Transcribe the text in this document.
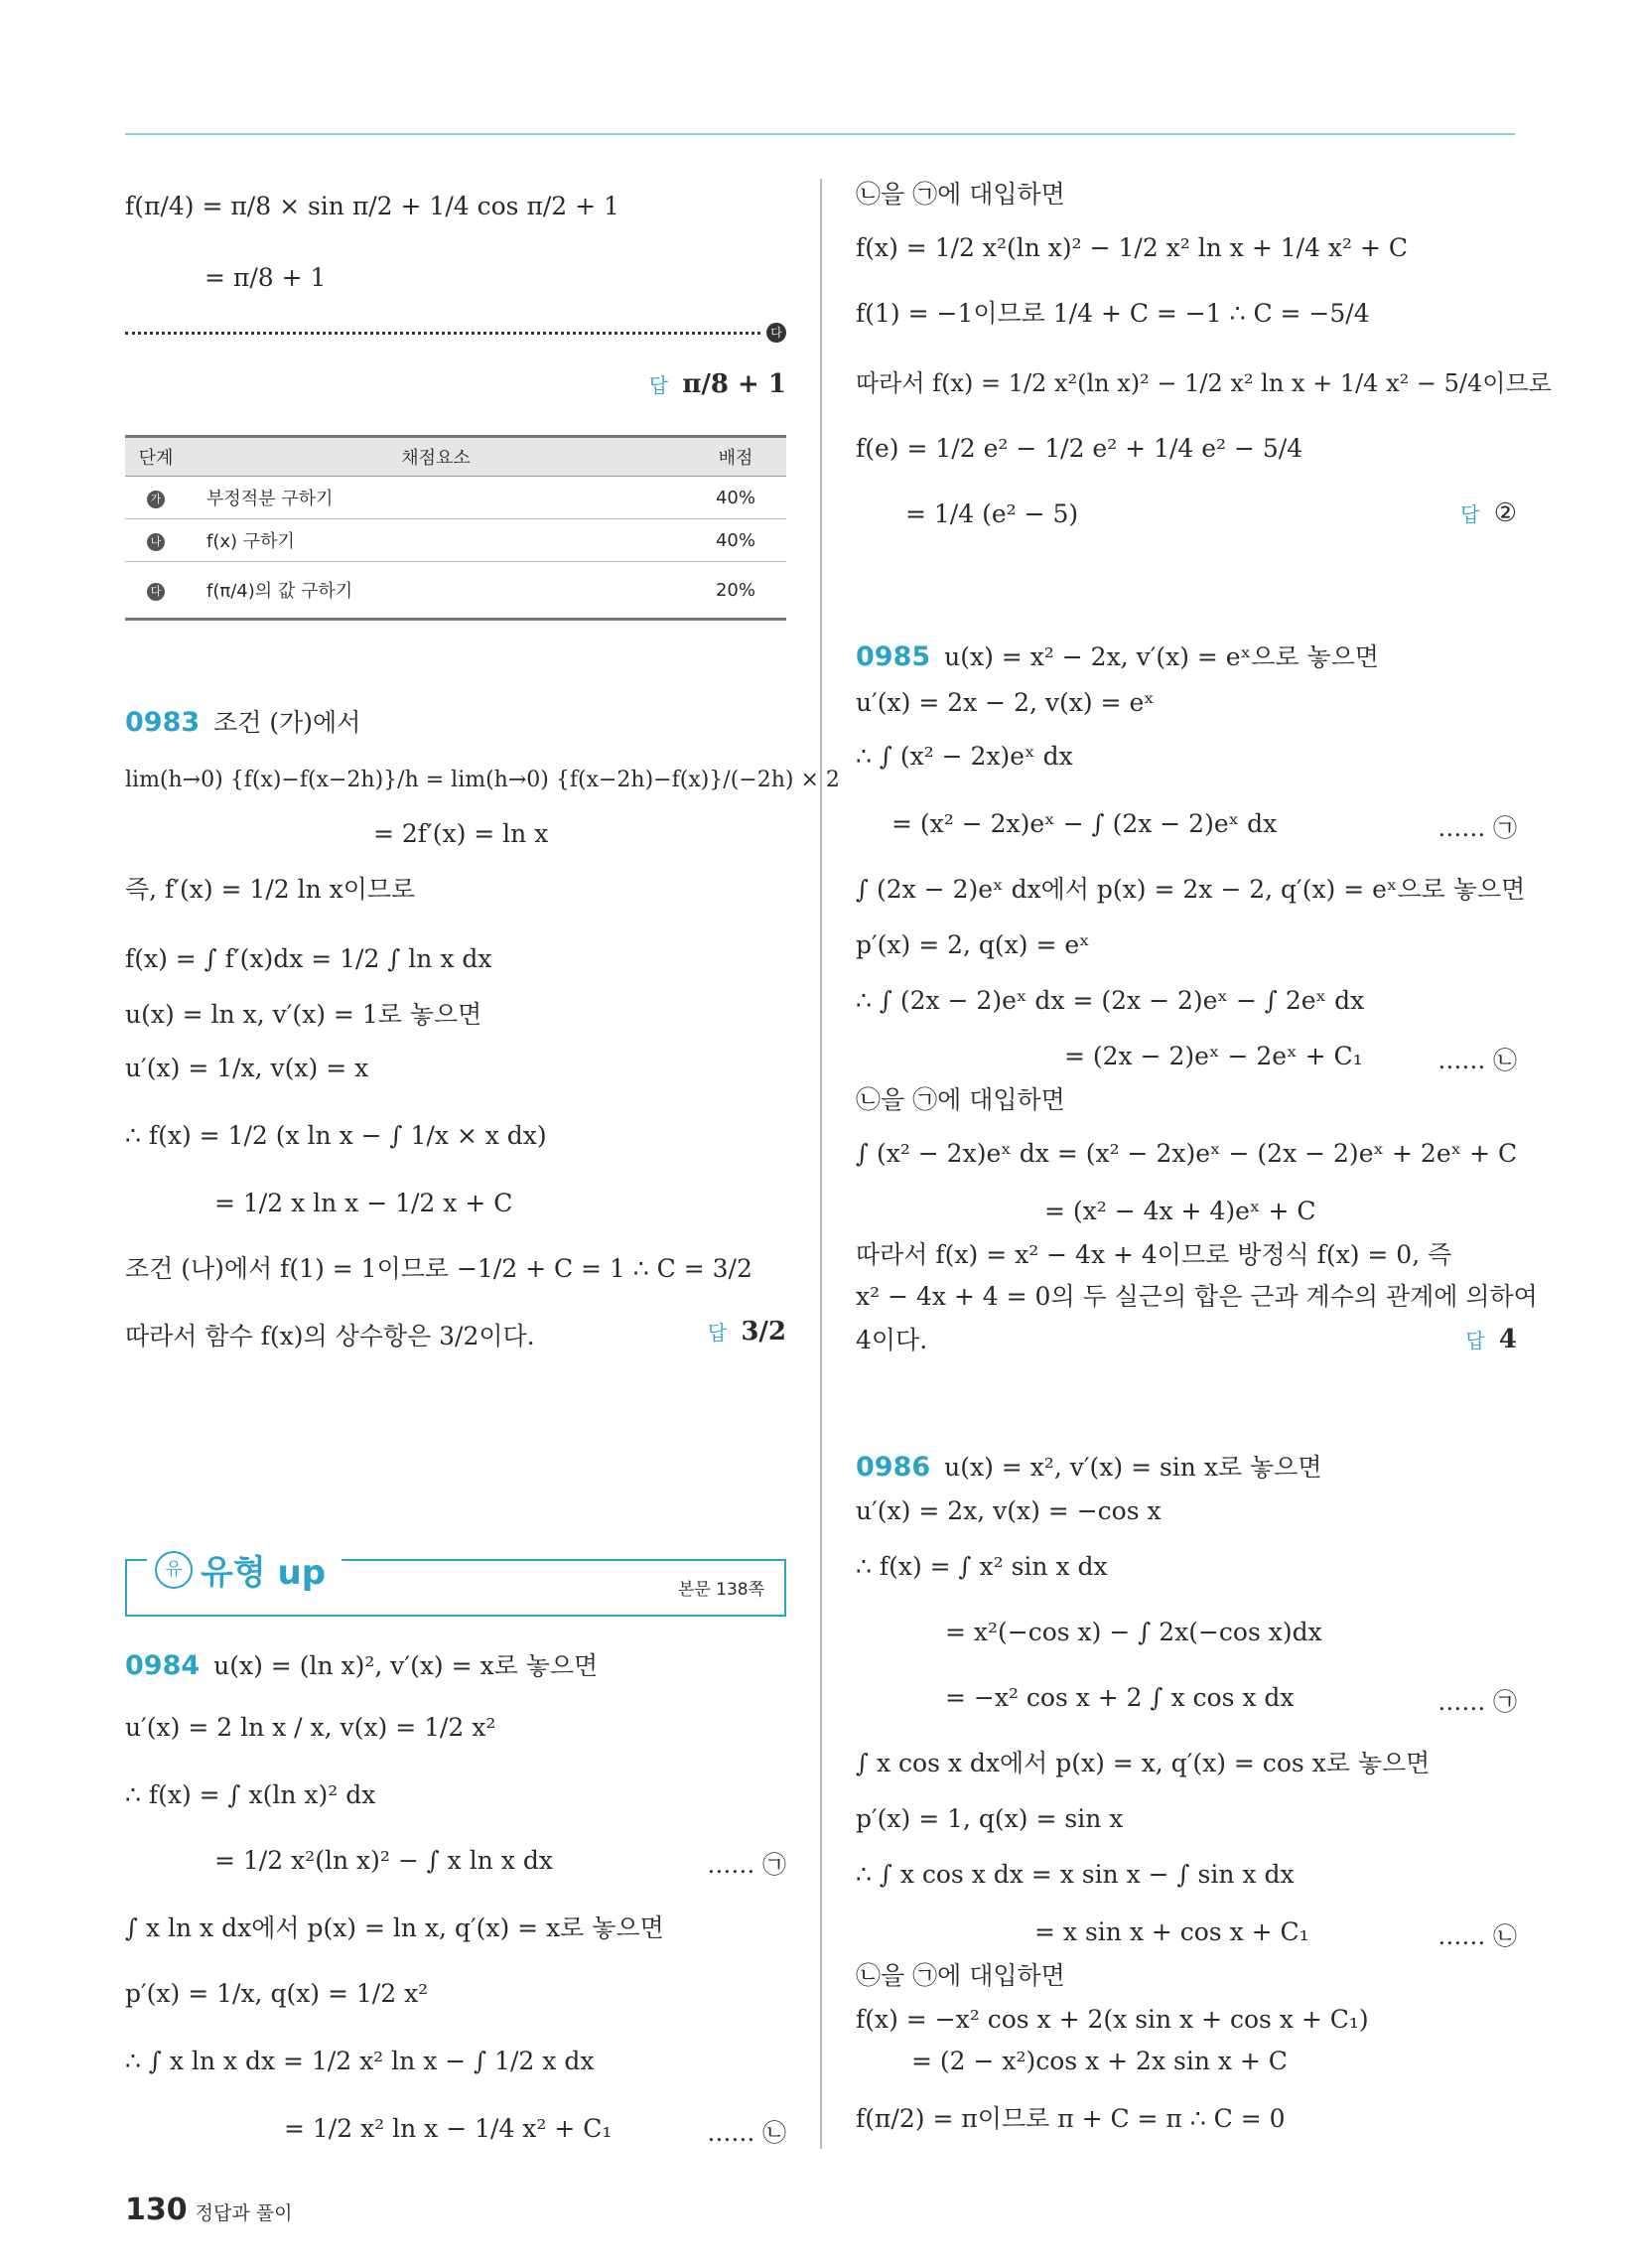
f(π/4) = π/8 × sin π/2 + 1/4 cos π/2 + 1
= π/8 + 1
다
답 π/8 + 1
단계	채점요소	배점
가	부정적분 구하기	40%
나	f(x) 구하기	40%
다	f(π/4)의 값 구하기	20%
0983 조건 (가)에서
lim(h→0) {f(x)−f(x−2h)}/h = lim(h→0) {f(x−2h)−f(x)}/(−2h) × 2
= 2f′(x) = ln x
즉, f′(x) = 1/2 ln x이므로
f(x) = ∫ f′(x)dx = 1/2 ∫ ln x dx
u(x) = ln x, v′(x) = 1로 놓으면
u′(x) = 1/x, v(x) = x
∴ f(x) = 1/2 (x ln x − ∫ 1/x × x dx)
= 1/2 x ln x − 1/2 x + C
조건 (나)에서 f(1) = 1이므로 −1/2 + C = 1 ∴ C = 3/2
따라서 함수 f(x)의 상수항은 3/2이다.	답 3/2
유 유형 up	본문 138쪽
0984 u(x) = (ln x)², v′(x) = x로 놓으면
u′(x) = 2 ln x / x, v(x) = 1/2 x²
∴ f(x) = ∫ x(ln x)² dx
= 1/2 x²(ln x)² − ∫ x ln x dx	…… ㉠
∫ x ln x dx에서 p(x) = ln x, q′(x) = x로 놓으면
p′(x) = 1/x, q(x) = 1/2 x²
∴ ∫ x ln x dx = 1/2 x² ln x − ∫ 1/2 x dx
= 1/2 x² ln x − 1/4 x² + C₁	…… ㉡
㉡을 ㉠에 대입하면
f(x) = 1/2 x²(ln x)² − 1/2 x² ln x + 1/4 x² + C
f(1) = −1이므로 1/4 + C = −1 ∴ C = −5/4
따라서 f(x) = 1/2 x²(ln x)² − 1/2 x² ln x + 1/4 x² − 5/4이므로
f(e) = 1/2 e² − 1/2 e² + 1/4 e² − 5/4
= 1/4 (e² − 5)	답 ②
0985 u(x) = x² − 2x, v′(x) = eˣ으로 놓으면
u′(x) = 2x − 2, v(x) = eˣ
∴ ∫ (x² − 2x)eˣ dx
= (x² − 2x)eˣ − ∫ (2x − 2)eˣ dx	…… ㉠
∫ (2x − 2)eˣ dx에서 p(x) = 2x − 2, q′(x) = eˣ으로 놓으면
p′(x) = 2, q(x) = eˣ
∴ ∫ (2x − 2)eˣ dx = (2x − 2)eˣ − ∫ 2eˣ dx
= (2x − 2)eˣ − 2eˣ + C₁	…… ㉡
㉡을 ㉠에 대입하면
∫ (x² − 2x)eˣ dx = (x² − 2x)eˣ − (2x − 2)eˣ + 2eˣ + C
= (x² − 4x + 4)eˣ + C
따라서 f(x) = x² − 4x + 4이므로 방정식 f(x) = 0, 즉
x² − 4x + 4 = 0의 두 실근의 합은 근과 계수의 관계에 의하여
4이다.	답 4
0986 u(x) = x², v′(x) = sin x로 놓으면
u′(x) = 2x, v(x) = −cos x
∴ f(x) = ∫ x² sin x dx
= x²(−cos x) − ∫ 2x(−cos x)dx
= −x² cos x + 2 ∫ x cos x dx	…… ㉠
∫ x cos x dx에서 p(x) = x, q′(x) = cos x로 놓으면
p′(x) = 1, q(x) = sin x
∴ ∫ x cos x dx = x sin x − ∫ sin x dx
= x sin x + cos x + C₁	…… ㉡
㉡을 ㉠에 대입하면
f(x) = −x² cos x + 2(x sin x + cos x + C₁)
= (2 − x²)cos x + 2x sin x + C
f(π/2) = π이므로 π + C = π ∴ C = 0
130 정답과 풀이
